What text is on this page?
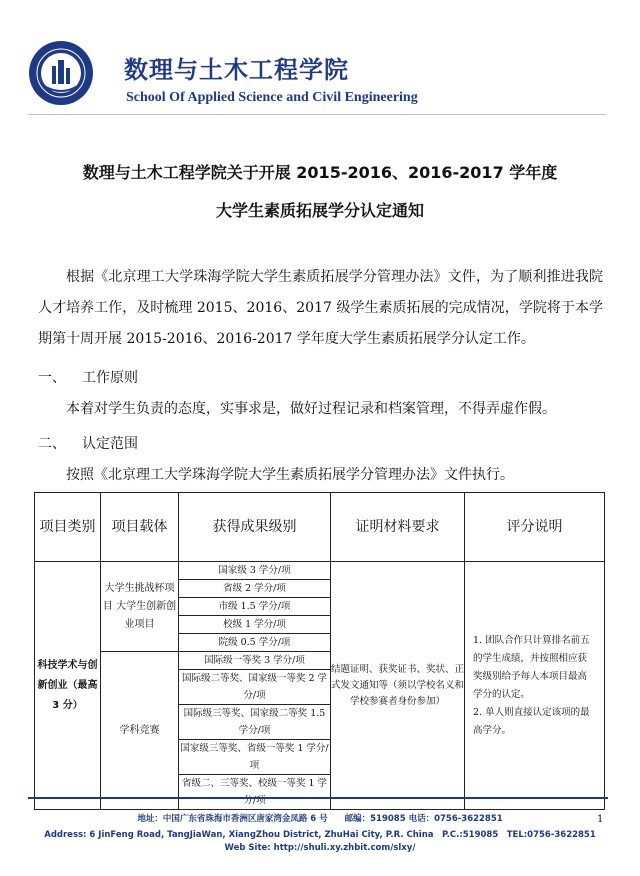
数理与土木工程学院
School Of Applied Science and Civil Engineering
数理与土木工程学院关于开展 2015-2016、2016-2017 学年度
大学生素质拓展学分认定通知
根据《北京理工大学珠海学院大学生素质拓展学分管理办法》文件，为了顺利推进我院人才培养工作，及时梳理 2015、2016、2017 级学生素质拓展的完成情况，学院将于本学期第十周开展 2015-2016、2016-2017 学年度大学生素质拓展学分认定工作。
一、 工作原则
本着对学生负责的态度，实事求是，做好过程记录和档案管理，不得弄虚作假。
二、 认定范围
按照《北京理工大学珠海学院大学生素质拓展学分管理办法》文件执行。
项目类别	项目载体	获得成果级别	证明材料要求	评分说明
科技学术与创新创业（最高 3 分）	大学生挑战杯项目 大学生创新创业项目	国家级 3 学分/项	结题证明、获奖证书、奖状、正式发文通知等（须以学校名义和学校参赛者身份参加）	1. 团队合作只计算排名前五的学生成绩，并按照相应获奖级别给予每人本项目最高学分的认定。
2. 单人则直接认定该项的最高学分。

		省级 2 学分/项		
		市级 1.5 学分/项		
		校级 1 学分/项		
		院级 0.5 学分/项		
	学科竞赛	国际级一等奖 3 学分/项		
		国际级二等奖、国家级一等奖 2 学分/项		
		国际级三等奖、国家级二等奖 1.5 学分/项		
		国家级三等奖、省级一等奖 1 学分/项		
		省级二、三等奖、校级一等奖 1 学分/项		
地址：中国广东省珠海市香洲区唐家湾金凤路 6 号　　邮编：519085 电话：0756-3622851
Address: 6 JinFeng Road, TangJiaWan, XiangZhou District, ZhuHai City, P.R. China　P.C.:519085　TEL:0756-3622851
Web Site: http://shuli.xy.zhbit.com/slxy/
1
